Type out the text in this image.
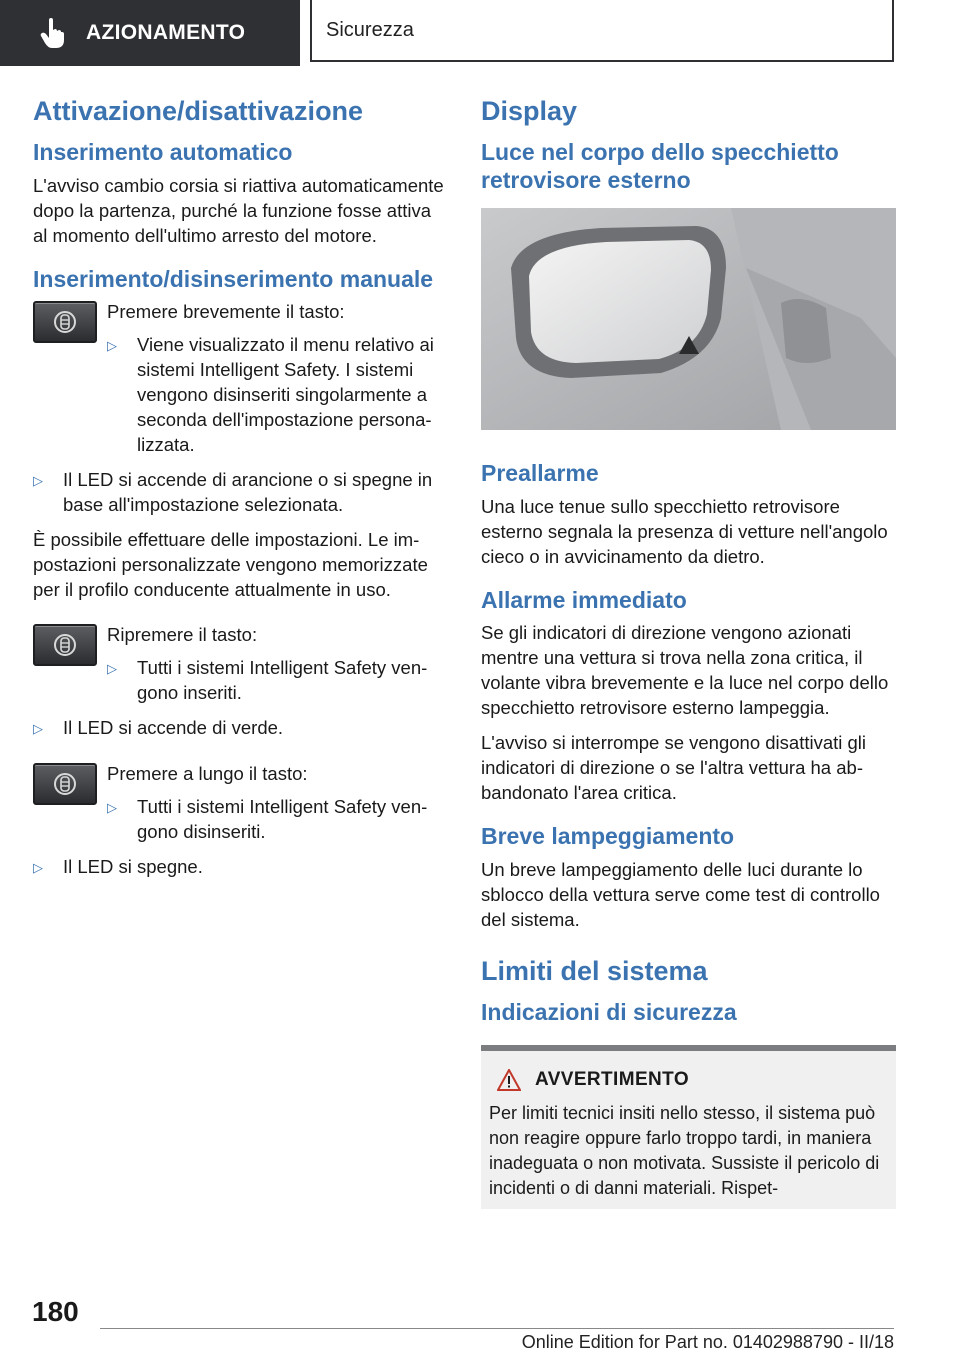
AZIONAMENTO	Sicurezza
Attivazione/disattivazione
Inserimento automatico

L'avviso cambio corsia si riattiva automaticamente dopo la partenza, purché la funzione fosse attiva al momento dell'ultimo arresto del motore.

Inserimento/disinserimento manuale

Premere brevemente il tasto:

▷	Viene visualizzato il menu relativo ai sistemi Intelligent Safety. I sistemi vengono disinseriti singolarmente a seconda dell'impostazione personalizzata.
▷	Il LED si accende di arancione o si spegne in base all'impostazione selezionata.

È possibile effettuare delle impostazioni. Le impostazioni personalizzate vengono memorizzate per il profilo conducente attualmente in uso.

Ripremere il tasto:

▷	Tutti i sistemi Intelligent Safety vengono inseriti.
▷	Il LED si accende di verde.

Premere a lungo il tasto:

▷	Tutti i sistemi Intelligent Safety vengono disinseriti.
▷	Il LED si spegne.
Display
Luce nel corpo dello specchietto retrovisore esterno
Preallarme

Una luce tenue sullo specchietto retrovisore esterno segnala la presenza di vetture nell'angolo cieco o in avvicinamento da dietro.

Allarme immediato

Se gli indicatori di direzione vengono azionati mentre una vettura si trova nella zona critica, il volante vibra brevemente e la luce nel corpo dello specchietto retrovisore esterno lampeggia.

L'avviso si interrompe se vengono disattivati gli indicatori di direzione o se l'altra vettura ha abbandonato l'area critica.

Breve lampeggiamento

Un breve lampeggiamento delle luci durante lo sblocco della vettura serve come test di controllo del sistema.

Limiti del sistema
Indicazioni di sicurezza
AVVERTIMENTO

Per limiti tecnici insiti nello stesso, il sistema può non reagire oppure farlo troppo tardi, in maniera inadeguata o non motivata. Sussiste il pericolo di incidenti o di danni materiali. Rispet-

180
Online Edition for Part no. 01402988790 - II/18
